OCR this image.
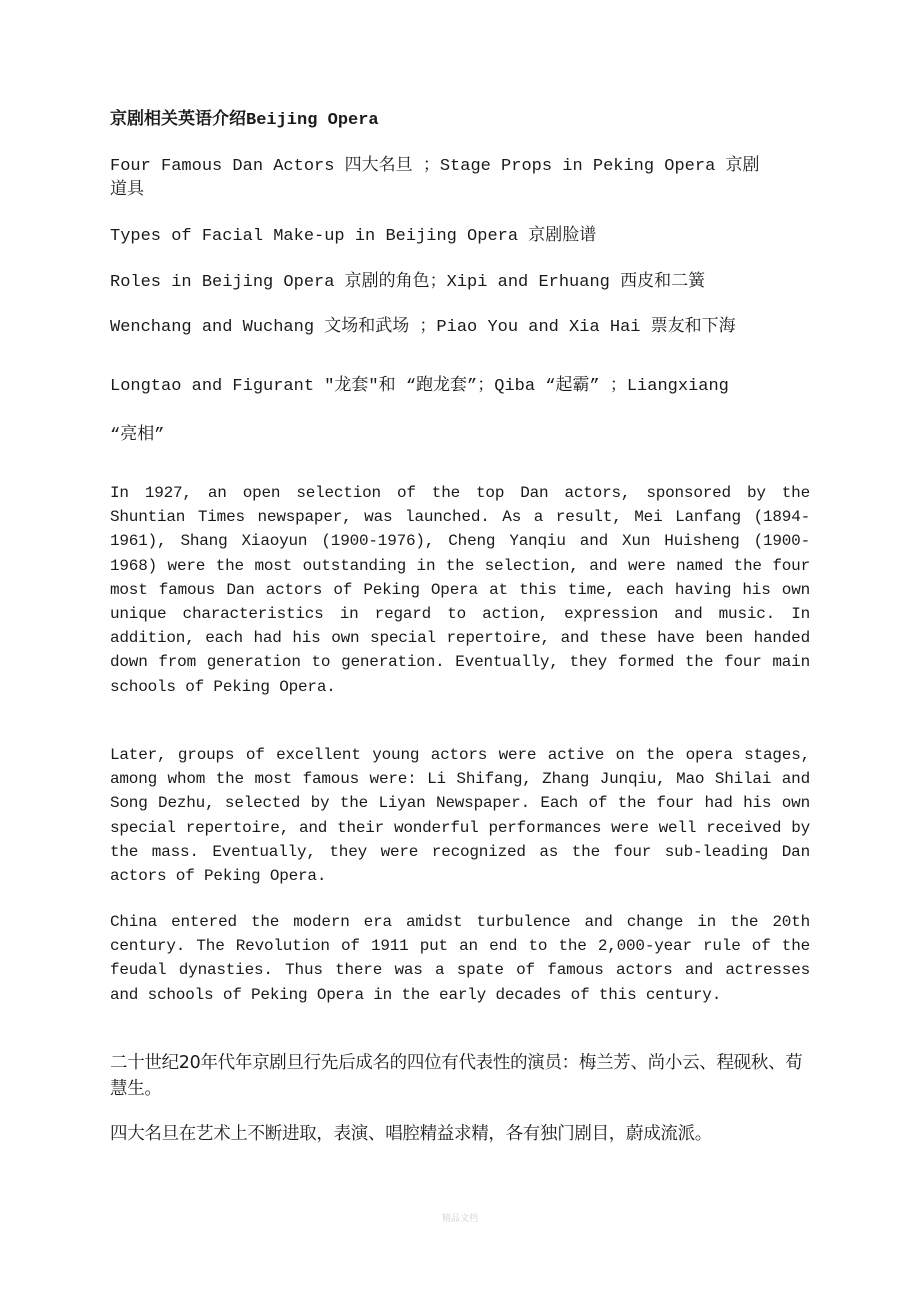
京剧相关英语介绍Beijing Opera
Four Famous Dan Actors 四大名旦 ；Stage Props in Peking Opera 京剧
道具
Types of Facial Make-up in Beijing Opera 京剧脸谱
Roles in Beijing Opera 京剧的角色；Xipi and Erhuang 西皮和二簧
Wenchang and Wuchang 文场和武场 ；Piao You and Xia Hai 票友和下海
Longtao and Figurant "龙套"和 “跑龙套”；Qiba “起霸” ；Liangxiang
“亮相”
In 1927, an open selection of the top Dan actors, sponsored by the Shuntian Times newspaper, was launched. As a result, Mei Lanfang (1894-1961), Shang Xiaoyun (1900-1976), Cheng Yanqiu and Xun Huisheng (1900-1968) were the most outstanding in the selection, and were named the four most famous Dan actors of Peking Opera at this time, each having his own unique characteristics in regard to action, expression and music. In addition, each had his own special repertoire, and these have been handed down from generation to generation. Eventually, they formed the four main schools of Peking Opera.
Later, groups of excellent young actors were active on the opera stages, among whom the most famous were: Li Shifang, Zhang Junqiu, Mao Shilai and Song Dezhu, selected by the Liyan Newspaper. Each of the four had his own special repertoire, and their wonderful performances were well received by the mass. Eventually, they were recognized as the four sub-leading Dan actors of Peking Opera.
China entered the modern era amidst turbulence and change in the 20th century. The Revolution of 1911 put an end to the 2,000-year rule of the feudal dynasties. Thus there was a spate of famous actors and actresses and schools of Peking Opera in the early decades of this century.
二十世纪20年代年京剧旦行先后成名的四位有代表性的演员：梅兰芳、尚小云、程砚秋、荀慧生。
四大名旦在艺术上不断进取，表演、唱腔精益求精，各有独门剧目，蔚成流派。
精品文档
